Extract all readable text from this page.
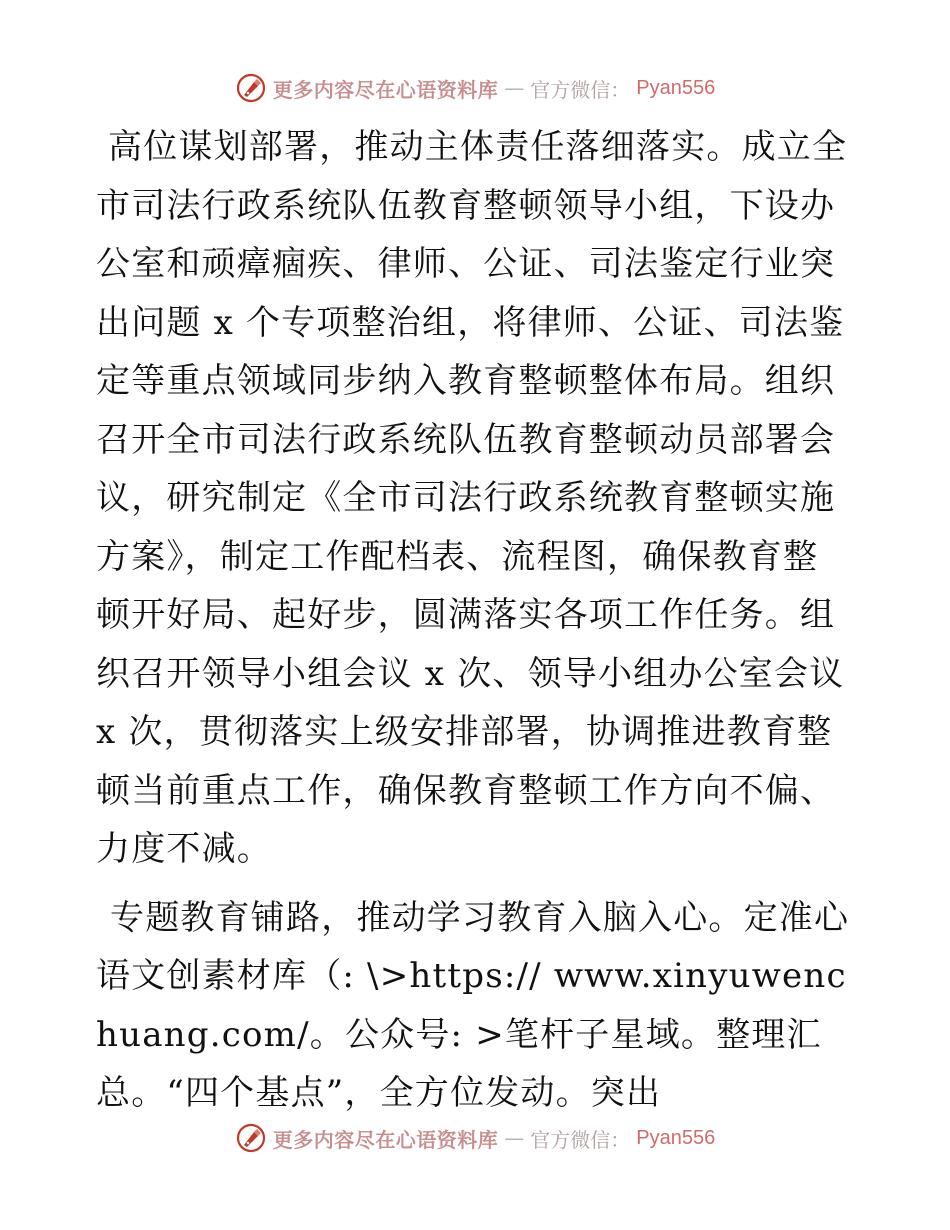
更多内容尽在心语资料库 — 官方微信： Pyan556

高位谋划部署，推动主体责任落细落实。成立全市司法行政系统队伍教育整顿领导小组，下设办公室和顽瘴痼疾、律师、公证、司法鉴定行业突出问题 x 个专项整治组，将律师、公证、司法鉴定等重点领域同步纳入教育整顿整体布局。组织召开全市司法行政系统队伍教育整顿动员部署会议，研究制定《全市司法行政系统教育整顿实施方案》，制定工作配档表、流程图，确保教育整顿开好局、起好步，圆满落实各项工作任务。组织召开领导小组会议 x 次、领导小组办公室会议 x 次，贯彻落实上级安排部署，协调推进教育整顿当前重点工作，确保教育整顿工作方向不偏、力度不减。

专题教育铺路，推动学习教育入脑入心。定准心语文创素材库（: \>https:// www.xinyuwenchuang.com/。公众号: >笔杆子星域。整理汇总。“四个基点”，全方位发动。突出

更多内容尽在心语资料库 — 官方微信： Pyan556
